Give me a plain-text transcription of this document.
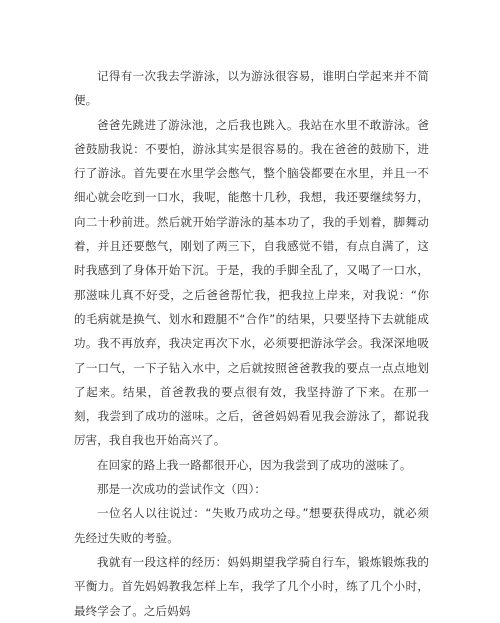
记得有一次我去学游泳，以为游泳很容易，谁明白学起来并不简便。

爸爸先跳进了游泳池，之后我也跳入。我站在水里不敢游泳。爸爸鼓励我说：不要怕，游泳其实是很容易的。我在爸爸的鼓励下，进行了游泳。首先要在水里学会憋气，整个脑袋都要在水里，并且一不细心就会吃到一口水，我呢，能憋十几秒，我想，我还要继续努力，向二十秒前进。然后就开始学游泳的基本功了，我的手划着，脚舞动着，并且还要憋气，刚划了两三下，自我感觉不错，有点自满了，这时我感到了身体开始下沉。于是，我的手脚全乱了，又喝了一口水，那滋味儿真不好受，之后爸爸帮忙我，把我拉上岸来，对我说：“你的毛病就是换气、划水和蹬腿不“合作”的结果，只要坚持下去就能成功。我不再放弃，我决定再次下水，必须要把游泳学会。我深深地吸了一口气，一下子钻入水中，之后就按照爸爸教我的要点一点点地划了起来。结果，首爸教我的要点很有效，我坚持游了下来。在那一刻，我尝到了成功的滋味。之后，爸爸妈妈看见我会游泳了，都说我厉害，我自我也开始高兴了。

在回家的路上我一路都很开心，因为我尝到了成功的滋味了。

那是一次成功的尝试作文（四）：

一位名人以往说过：“失败乃成功之母。”想要获得成功，就必须先经过失败的考验。

我就有一段这样的经历：妈妈期望我学骑自行车，锻炼锻炼我的平衡力。首先妈妈教我怎样上车，我学了几个小时，练了几个小时，最终学会了。之后妈妈
